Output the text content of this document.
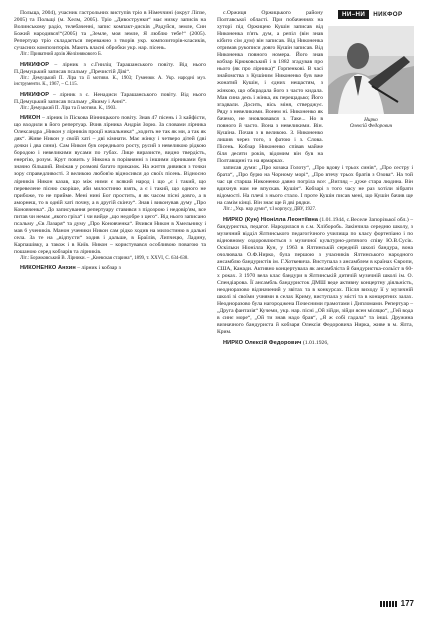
Польща, 2004), учасник гастрольних виступів тріо в Німеччині (округ Ліпзе, 2005) та Польщі (м. Хелм, 2005). Тріо „Дивострунки“ має низку записів на Волинському радіо, телебаченні, запис компакт-дисків „Радуйся, земле, Син Божий народився!“(2005) та „Земле, моя земле, Я люблю тебе!“ (2005). Репертуар тріо складається переважно з творів укр. композиторів-класиків, сучасних композиторів. Мають власні обробки укр. нар. пісень.

Літ.: Приватний архів Желізнякового Б.

НИКИФОР – лірник з с.Гниліц Тарашанського повіту. Від нього П.Демуцький записав псальму „Пречистій Діві“.

Літ.: Демуцький П. Ліра та її мотиви. К., 1903; Гуменюк А. Укр. народні муз. інструменти. К., 1967, – С.115.

НИКИФОР – лірник з с. Ненадиси Тарашанського повіту. Від нього П.Демуцький записав псальму „Якиму і Анні“.

Літ.: Демуцький П. Ліра та її мотиви. К., 1903.

НИКОН – лірник із Піскова Вінницького повіту. Знав 47 пісень і 3 кайфісти, що входили в його репертуар. Вчив лірника Андрія Зорю. За словами лірника Олександра „Никон у лірників проції начальника“ „ходить не так як ми, а так як дяк“. Живе Никон у своїй хаті – дві кімнати. Має жінку і четверо дітей (дві дочки і два сини). Сам Никон був середнього росту, русий з невеликою рідкою бородою і невеликими вусами по губах. Лице виразисте, видно твердість, енергію, розум. Крут повить у Никона в порівнянні з іншими лірниками був значно більший. Вміжав у розмові багато приказок. На життя дивився з точки зору справедливості. З великою любов'ю відносився до своїх пісень. Відносно лірників Никон казав, що між ними є всякий народ і що „є і такий, що перевелене пісню скоріше, аби милостиню взять, а є і такий, що одного не прибоже, то не прийме. Мені нині Бог простить, я як часом пісні довго, а в аморнеш, то в одній хаті почну, а в другій скінчу“. Знав і виконував думу „Про Коновченка“. До записування репертуару ставився з підозрою і недовір'ям, все питав чи немає „якого гріха“ і чи вийде „що недобре з цего“. Від нього записано псальму „Єв Лазаря“ та думу „Про Коновченка“. Вчився Никон в Хмельнику і мав 6 учеників. Манон ученики Никон сам рідко ходив на милостиню в дальні села. За те на „відпусти“ ходив і дальше, в Браїлів, Липчецю, Ладину, Карпашівку, а також і в Київ. Никон – користувався особливою повагою та пошаною серед кобзарів та лірників.

Літ.: Боржковський В. Лірники. – „Киевская старина“, 1899, т. ХХVI, С. 634-638.

НИКОНЕНКО Анхин – лірник і кобзар з

НИ–НИ	НИКФОР
Нирко
Олексій Федорович

с.Оржиця Оржицького району Полтавської області. При побаченнях на хуторі під Оржицею Кушін записав від Никоненка п'ять дум, а репіл (він знав кібито сім дум) він записав. Від Никоненка отримав рукописи довго Кушін записав. Від Никоненка повного номера. Його знав кобзар Крюковський і в 1882 згадував про нього (як про лірника)“ Горпенкові. В часі знайомства з Кушіним Никоненко був вже жонатий Кушін, і єдних нещастям, з жінкою, що обкрадала його з часто кидала. Мав сина десь і жінка, як перещадько; Його згадвали. Досить, вісь міня, стверджує. Ряду з невеликими. Вонем ні. Никоненко як бачемо, не зновлювався з. Таке... Но в повного й часто. Вона з невеликими. Він. Кушіна. Почав з в великою. З. Никоненко лишив через того, з фатою і з. Слова. Пісень. Кобзар Никоненко співав майже біля десяти років, відомим він був на Полтавщині та на ярмарках.

записав думи: „Про козака Голоту“, „Про вдову і трьох синів“, „Про сестру і брата“, „Про бурю на Чорному морі“, „Про втечу трьох братів з Озова“. На той час ця старша Никоненко давно погріла все: „Вигляд – дуже стара людина. Він вдихнув нам не впускав. Кушін“. Кобзарі з того часу не раз хотіли зібрати відомості. На плечі з нього стало. І проте Кушін писав мені, що Кушін бачив ще на самім кінці. Він знає ще й дві рядки.

Літ.: „Укр. нар думи“, т.І корпусу, ДВУ, 1927.

НИРКО (Кун) Ніонілла Леонтіївна (1.01.1944, с.Веселе Запорізької обл.) – бандуристка, педагог. Народилася в с.м. Хліборобь. Закінчила середню школу, з музичний відділ Ялтинського педагогічного училища по класу фортепіано і по відновному оздоровлюється з музичної культурно-дитячого співу Ю.В.Сусік. Оскільки Ніонілла Кун, у 1963 в Ялтинській середній школі бандура, вона очолювала О.Ф.Нирко, була першою з учасників Ялтинського народного ансамблю бандуристів ім. Г.Хоткевича. Виступала з ансамблем в країнах Європи, США, Канади. Активно концертувала як ансамбліста й бандуристка-сольїст в 60-х роках. З 1970 вела клас бандури в Ялтинській дитячій музичній школі ім. О. Спендіарова. Її ансамбль бандуристок ДМШ веде активну концертну діяльність, неодноразово відзначений у звітах та в конкурсах. Після виходу її у музичній школі зі своїми учнями в селах Криму, виступала у місті та в концертних залах. Неодноразово була нагороджена Почесними грамотами і Дипломами. Репертуар – „Друга фантазія“ Кучеми, укр. нар. пісні „Ой зійди, зійди ясен місяцю“, „Гей вода в синє море“, „Ой ти знав надо брав“, „Я ж собі гадала“ та інші. Дружина визначного бандуриста й кобзаря Олексія Федоровича Нирка, живе в м. Ялта, Крим.

НИРКО Олексій Федорович (1.01.1926,

177
